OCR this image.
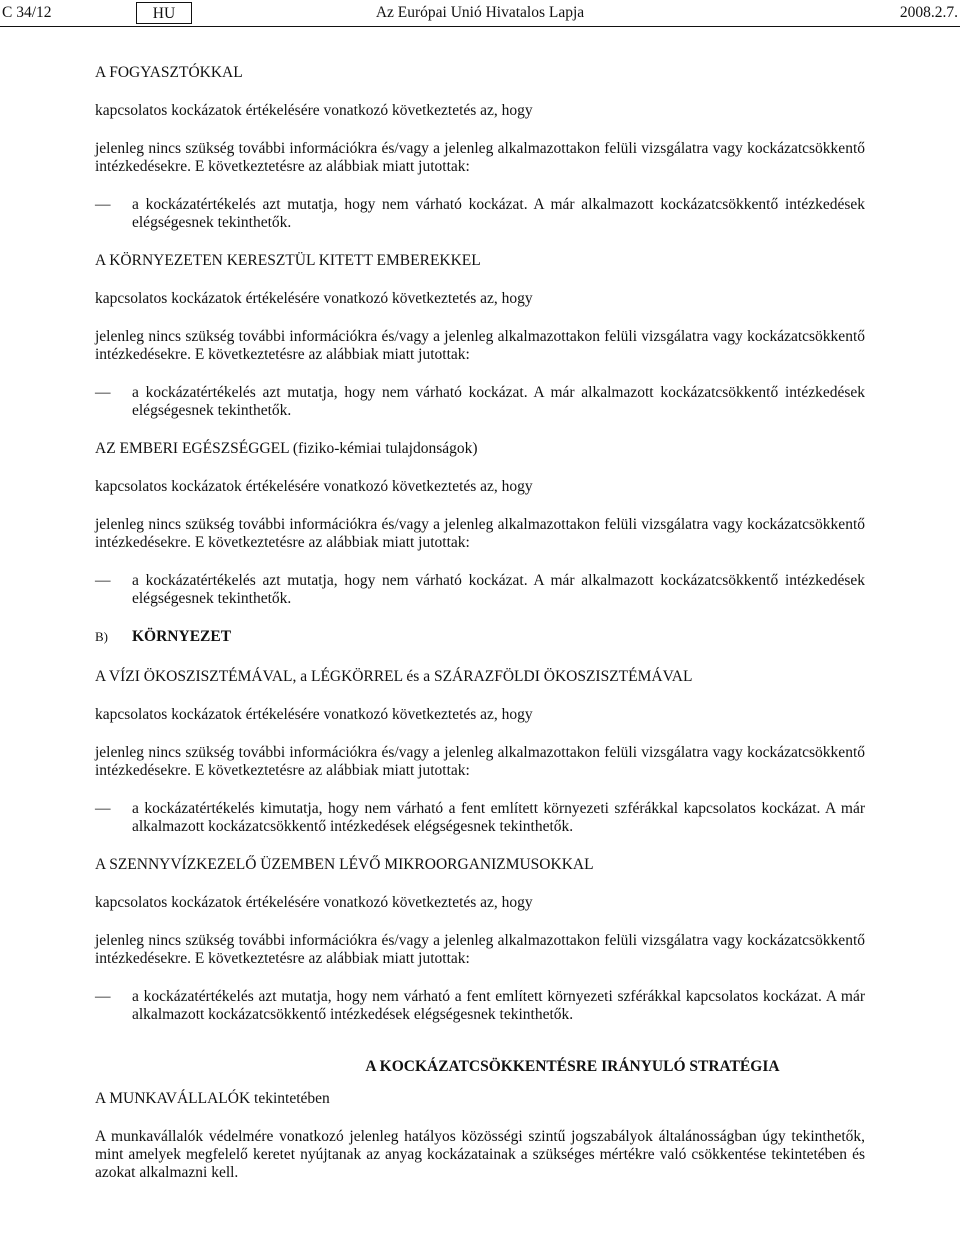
C 34/12	HU	Az Európai Unió Hivatalos Lapja	2008.2.7.

A FOGYASZTÓKKAL

kapcsolatos kockázatok értékelésére vonatkozó következtetés az, hogy

jelenleg nincs szükség további információkra és/vagy a jelenleg alkalmazottakon felüli vizsgálatra vagy kockázatcsökkentő intézkedésekre. E következtetésre az alábbiak miatt jutottak:

— a kockázatértékelés azt mutatja, hogy nem várható kockázat. A már alkalmazott kockázatcsökkentő intézkedések elégségesnek tekinthetők.

A KÖRNYEZETEN KERESZTÜL KITETT EMBEREKKEL

kapcsolatos kockázatok értékelésére vonatkozó következtetés az, hogy

jelenleg nincs szükség további információkra és/vagy a jelenleg alkalmazottakon felüli vizsgálatra vagy kockázatcsökkentő intézkedésekre. E következtetésre az alábbiak miatt jutottak:

— a kockázatértékelés azt mutatja, hogy nem várható kockázat. A már alkalmazott kockázatcsökkentő intézkedések elégségesnek tekinthetők.

AZ EMBERI EGÉSZSÉGGEL (fiziko-kémiai tulajdonságok)

kapcsolatos kockázatok értékelésére vonatkozó következtetés az, hogy

jelenleg nincs szükség további információkra és/vagy a jelenleg alkalmazottakon felüli vizsgálatra vagy kockázatcsökkentő intézkedésekre. E következtetésre az alábbiak miatt jutottak:

— a kockázatértékelés azt mutatja, hogy nem várható kockázat. A már alkalmazott kockázatcsökkentő intézkedések elégségesnek tekinthetők.
B) KÖRNYEZET

A VÍZI ÖKOSZISZTÉMÁVAL, a LÉGKÖRREL és a SZÁRAZFÖLDI ÖKOSZISZTÉMÁVAL

kapcsolatos kockázatok értékelésére vonatkozó következtetés az, hogy

jelenleg nincs szükség további információkra és/vagy a jelenleg alkalmazottakon felüli vizsgálatra vagy kockázatcsökkentő intézkedésekre. E következtetésre az alábbiak miatt jutottak:

— a kockázatértékelés kimutatja, hogy nem várható a fent említett környezeti szférákkal kapcsolatos kockázat. A már alkalmazott kockázatcsökkentő intézkedések elégségesnek tekinthetők.

A SZENNYVÍZKEZELŐ ÜZEMBEN LÉVŐ MIKROORGANIZMUSOKKAL

kapcsolatos kockázatok értékelésére vonatkozó következtetés az, hogy

jelenleg nincs szükség további információkra és/vagy a jelenleg alkalmazottakon felüli vizsgálatra vagy kockázatcsökkentő intézkedésekre. E következtetésre az alábbiak miatt jutottak:

— a kockázatértékelés azt mutatja, hogy nem várható a fent említett környezeti szférákkal kapcsolatos kockázat. A már alkalmazott kockázatcsökkentő intézkedések elégségesnek tekinthetők.
A KOCKÁZATCSÖKKENTÉSRE IRÁNYULÓ STRATÉGIA

A MUNKAVÁLLALÓK tekintetében

A munkavállalók védelmére vonatkozó jelenleg hatályos közösségi szintű jogszabályok általánosságban úgy tekinthetők, mint amelyek megfelelő keretet nyújtanak az anyag kockázatainak a szükséges mértékre való csökkentése tekintetében és azokat alkalmazni kell.
